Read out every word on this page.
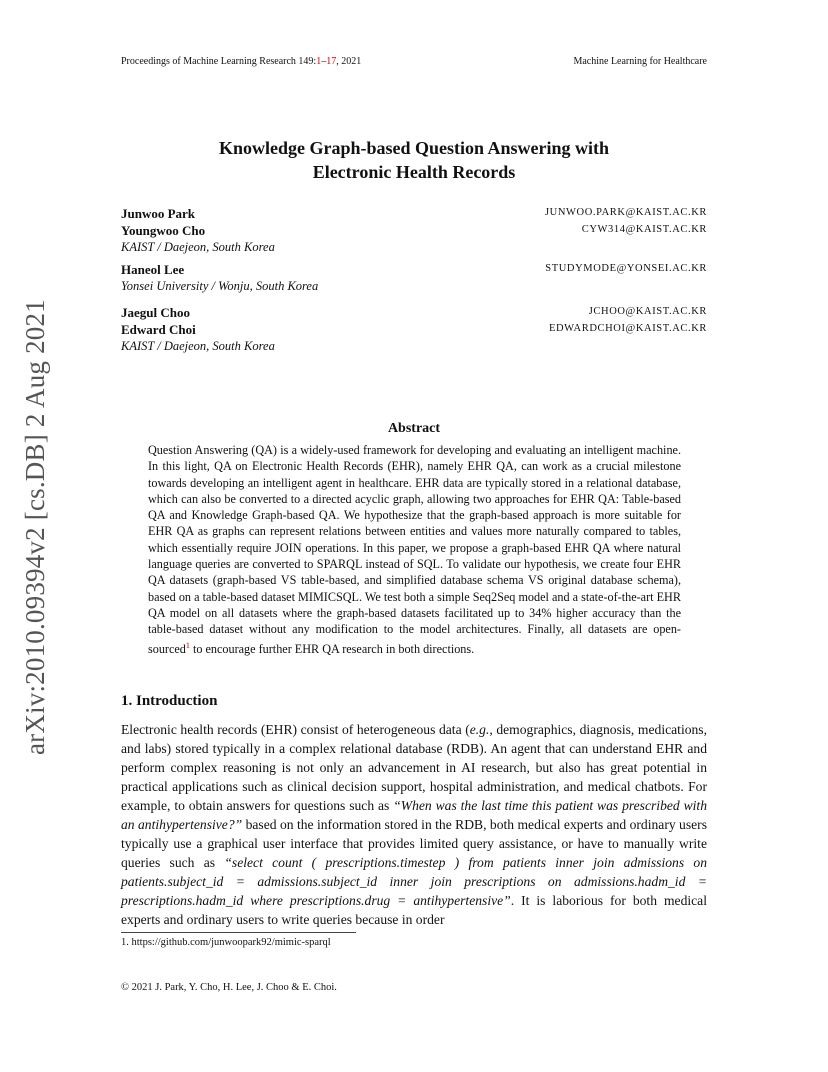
Proceedings of Machine Learning Research 149:1–17, 2021	Machine Learning for Healthcare
arXiv:2010.09394v2 [cs.DB] 2 Aug 2021
Knowledge Graph-based Question Answering with
Electronic Health Records
Junwoo Park	JUNWOO.PARK@KAIST.AC.KR
Youngwoo Cho	CYW314@KAIST.AC.KR
KAIST / Daejeon, South Korea
Haneol Lee	STUDYMODE@YONSEI.AC.KR
Yonsei University / Wonju, South Korea
Jaegul Choo	JCHOO@KAIST.AC.KR
Edward Choi	EDWARDCHOI@KAIST.AC.KR
KAIST / Daejeon, South Korea
Abstract
Question Answering (QA) is a widely-used framework for developing and evaluating an intelligent machine. In this light, QA on Electronic Health Records (EHR), namely EHR QA, can work as a crucial milestone towards developing an intelligent agent in healthcare. EHR data are typically stored in a relational database, which can also be converted to a directed acyclic graph, allowing two approaches for EHR QA: Table-based QA and Knowledge Graph-based QA. We hypothesize that the graph-based approach is more suitable for EHR QA as graphs can represent relations between entities and values more naturally compared to tables, which essentially require JOIN operations. In this paper, we propose a graph-based EHR QA where natural language queries are converted to SPARQL instead of SQL. To validate our hypothesis, we create four EHR QA datasets (graph-based VS table-based, and simplified database schema VS original database schema), based on a table-based dataset MIMICSQL. We test both a simple Seq2Seq model and a state-of-the-art EHR QA model on all datasets where the graph-based datasets facilitated up to 34% higher accuracy than the table-based dataset without any modification to the model architectures. Finally, all datasets are open-sourced$^1$ to encourage further EHR QA research in both directions.
1. Introduction
Electronic health records (EHR) consist of heterogeneous data (e.g., demographics, diagnosis, medications, and labs) stored typically in a complex relational database (RDB). An agent that can understand EHR and perform complex reasoning is not only an advancement in AI research, but also has great potential in practical applications such as clinical decision support, hospital administration, and medical chatbots. For example, to obtain answers for questions such as “When was the last time this patient was prescribed with an antihypertensive?” based on the information stored in the RDB, both medical experts and ordinary users typically use a graphical user interface that provides limited query assistance, or have to manually write queries such as “select count ( prescriptions.timestep ) from patients inner join admissions on patients.subject_id = admissions.subject_id inner join prescriptions on admissions.hadm_id = prescriptions.hadm_id where prescriptions.drug = antihypertensive”. It is laborious for both medical experts and ordinary users to write queries because in order
1. https://github.com/junwoopark92/mimic-sparql
© 2021 J. Park, Y. Cho, H. Lee, J. Choo & E. Choi.
